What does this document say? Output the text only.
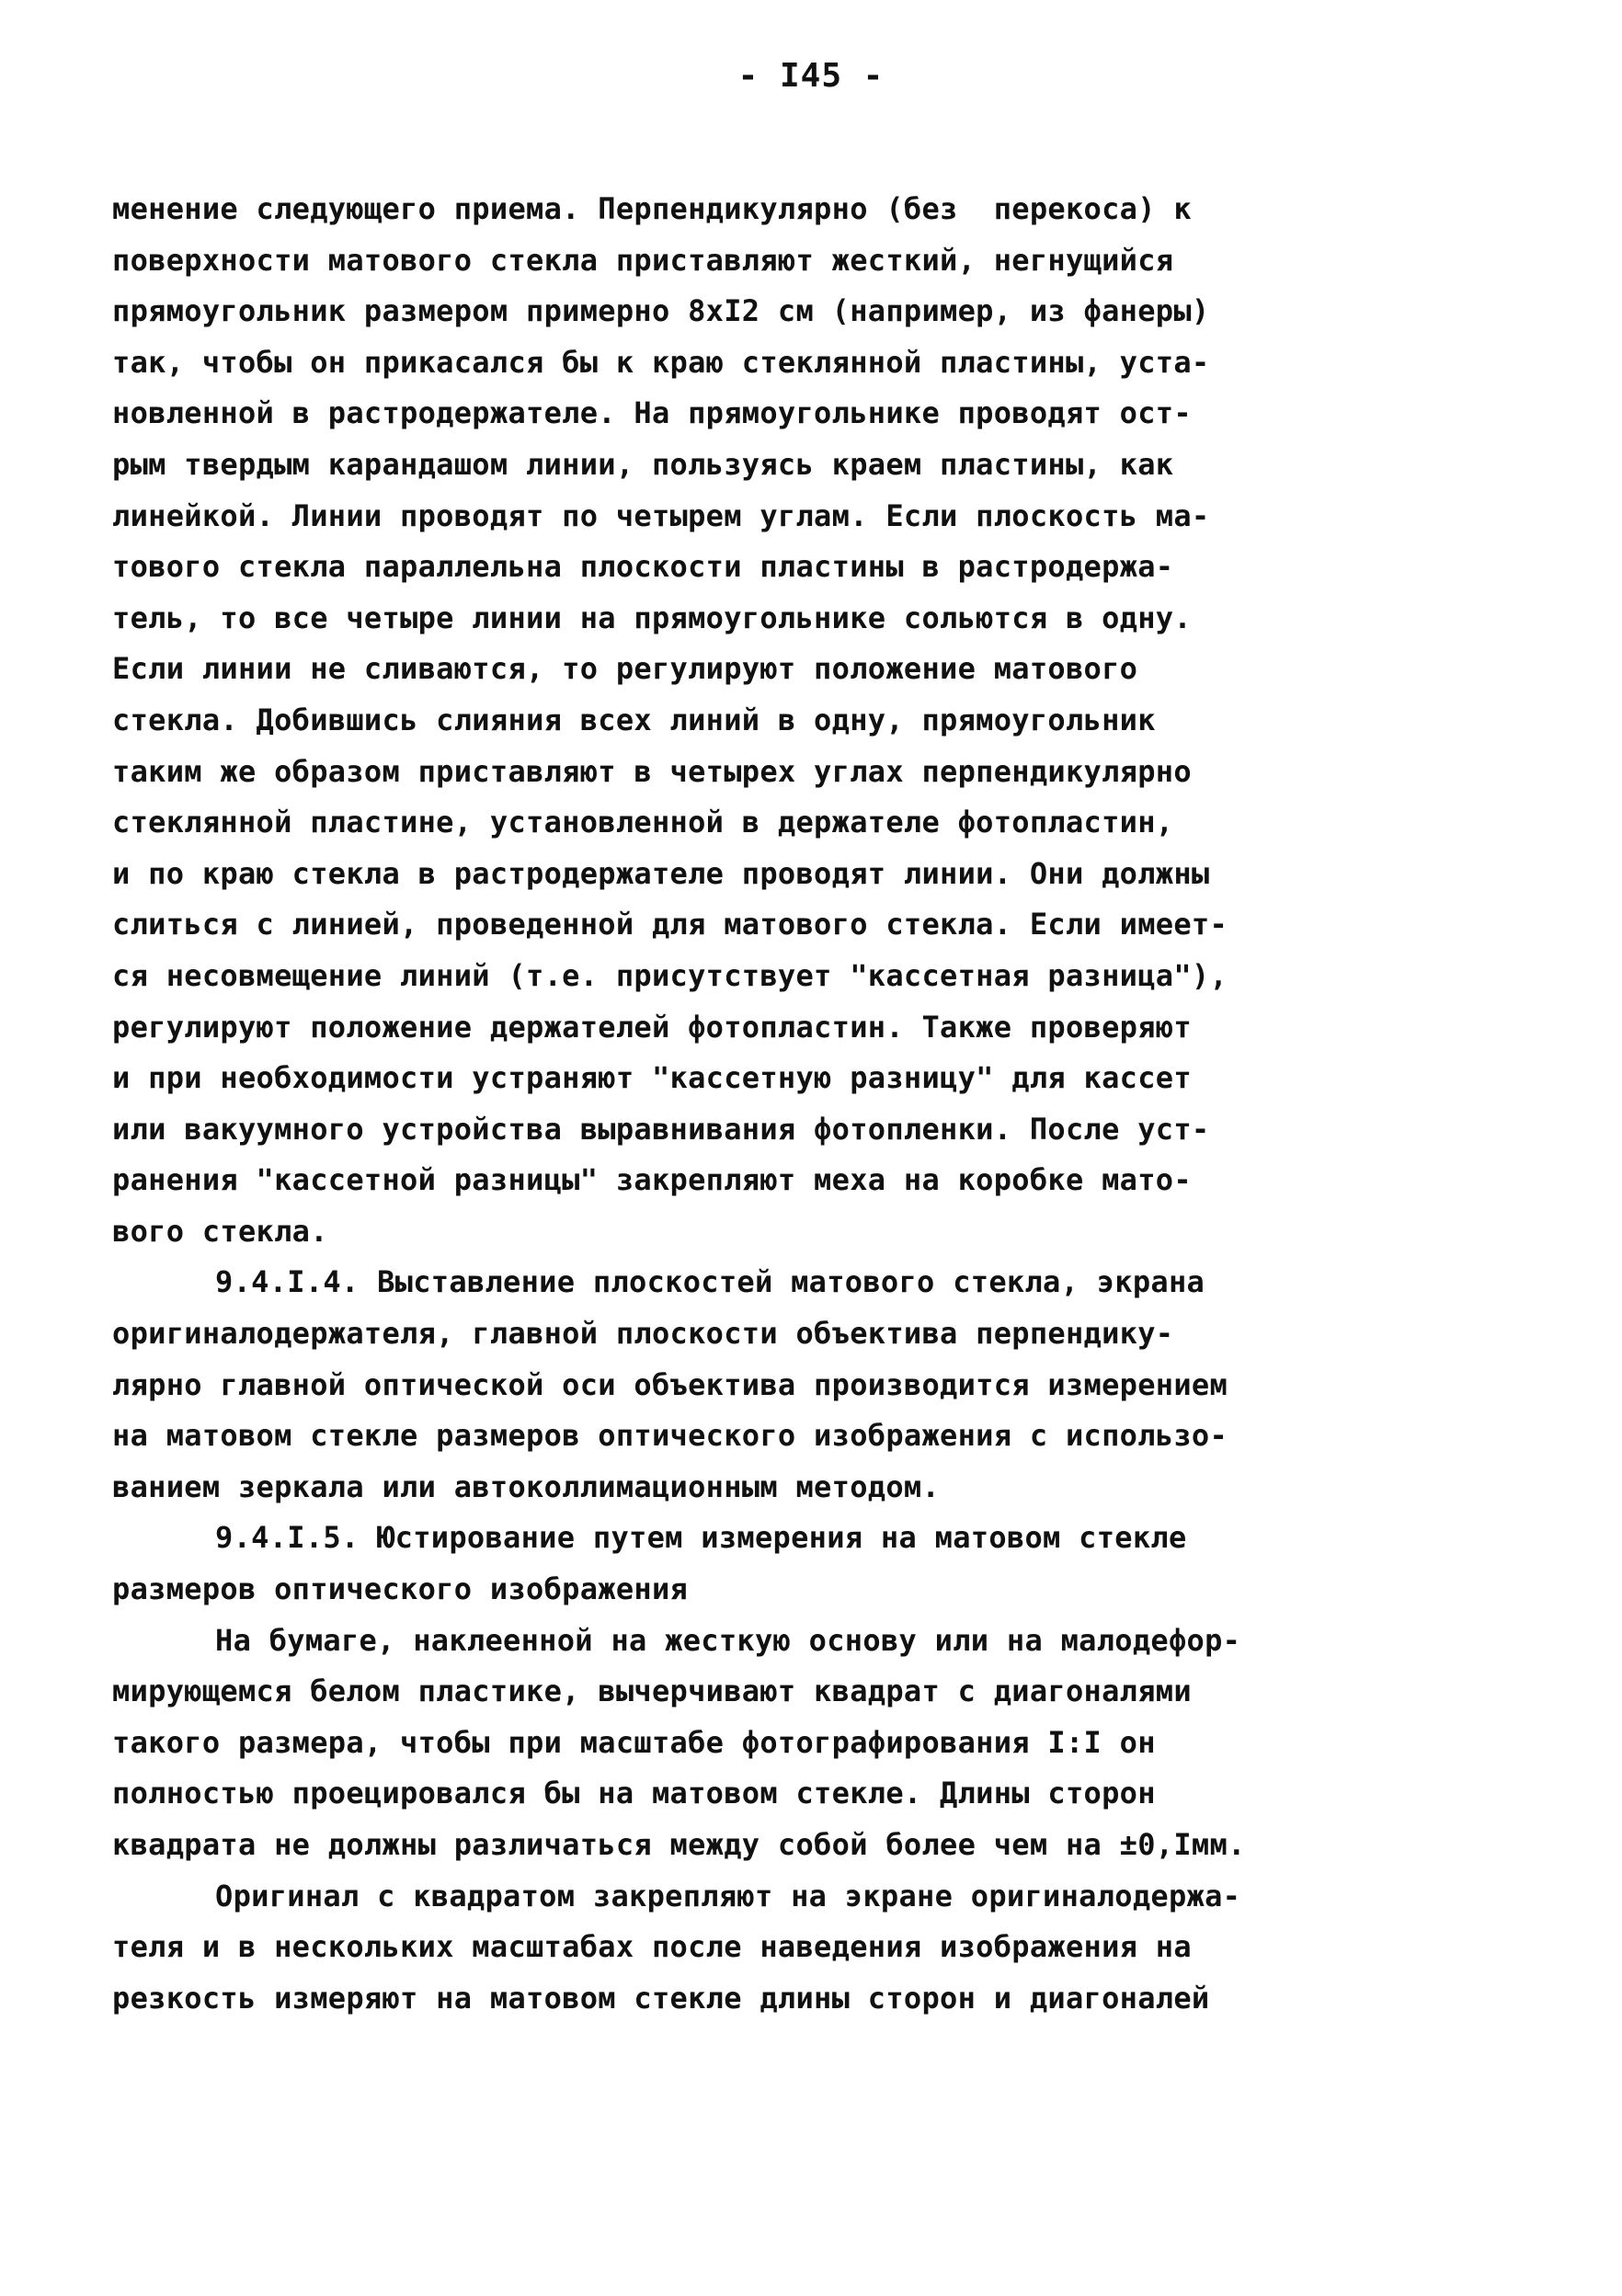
- I45 -
менение следующего приема. Перпендикулярно (без  перекоса) к
поверхности матового стекла приставляют жесткий, негнущийся
прямоугольник размером примерно 8хI2 см (например, из фанеры)
так, чтобы он прикасался бы к краю стеклянной пластины, уста-
новленной в растродержателе. На прямоугольнике проводят ост-
рым твердым карандашом линии, пользуясь краем пластины, как
линейкой. Линии проводят по четырем углам. Если плоскость ма-
тового стекла параллельна плоскости пластины в растродержа-
тель, то все четыре линии на прямоугольнике сольются в одну.
Если линии не сливаются, то регулируют положение матового
стекла. Добившись слияния всех линий в одну, прямоугольник
таким же образом приставляют в четырех углах перпендикулярно
стеклянной пластине, установленной в держателе фотопластин,
и по краю стекла в растродержателе проводят линии. Они должны
слиться с линией, проведенной для матового стекла. Если имеет-
ся несовмещение линий (т.е. присутствует "кассетная разница"),
регулируют положение держателей фотопластин. Также проверяют
и при необходимости устраняют "кассетную разницу" для кассет
или вакуумного устройства выравнивания фотопленки. После уст-
ранения "кассетной разницы" закрепляют меха на коробке мато-
вого стекла.
9.4.I.4. Выставление плоскостей матового стекла, экрана
оригиналодержателя, главной плоскости объектива перпендику-
лярно главной оптической оси объектива производится измерением
на матовом стекле размеров оптического изображения с использо-
ванием зеркала или автоколлимационным методом.
9.4.I.5. Юстирование путем измерения на матовом стекле
размеров оптического изображения
На бумаге, наклеенной на жесткую основу или на малодефор-
мирующемся белом пластике, вычерчивают квадрат с диагоналями
такого размера, чтобы при масштабе фотографирования I:I он
полностью проецировался бы на матовом стекле. Длины сторон
квадрата не должны различаться между собой более чем на ±0,Iмм.
Оригинал с квадратом закрепляют на экране оригиналодержа-
теля и в нескольких масштабах после наведения изображения на
резкость измеряют на матовом стекле длины сторон и диагоналей
